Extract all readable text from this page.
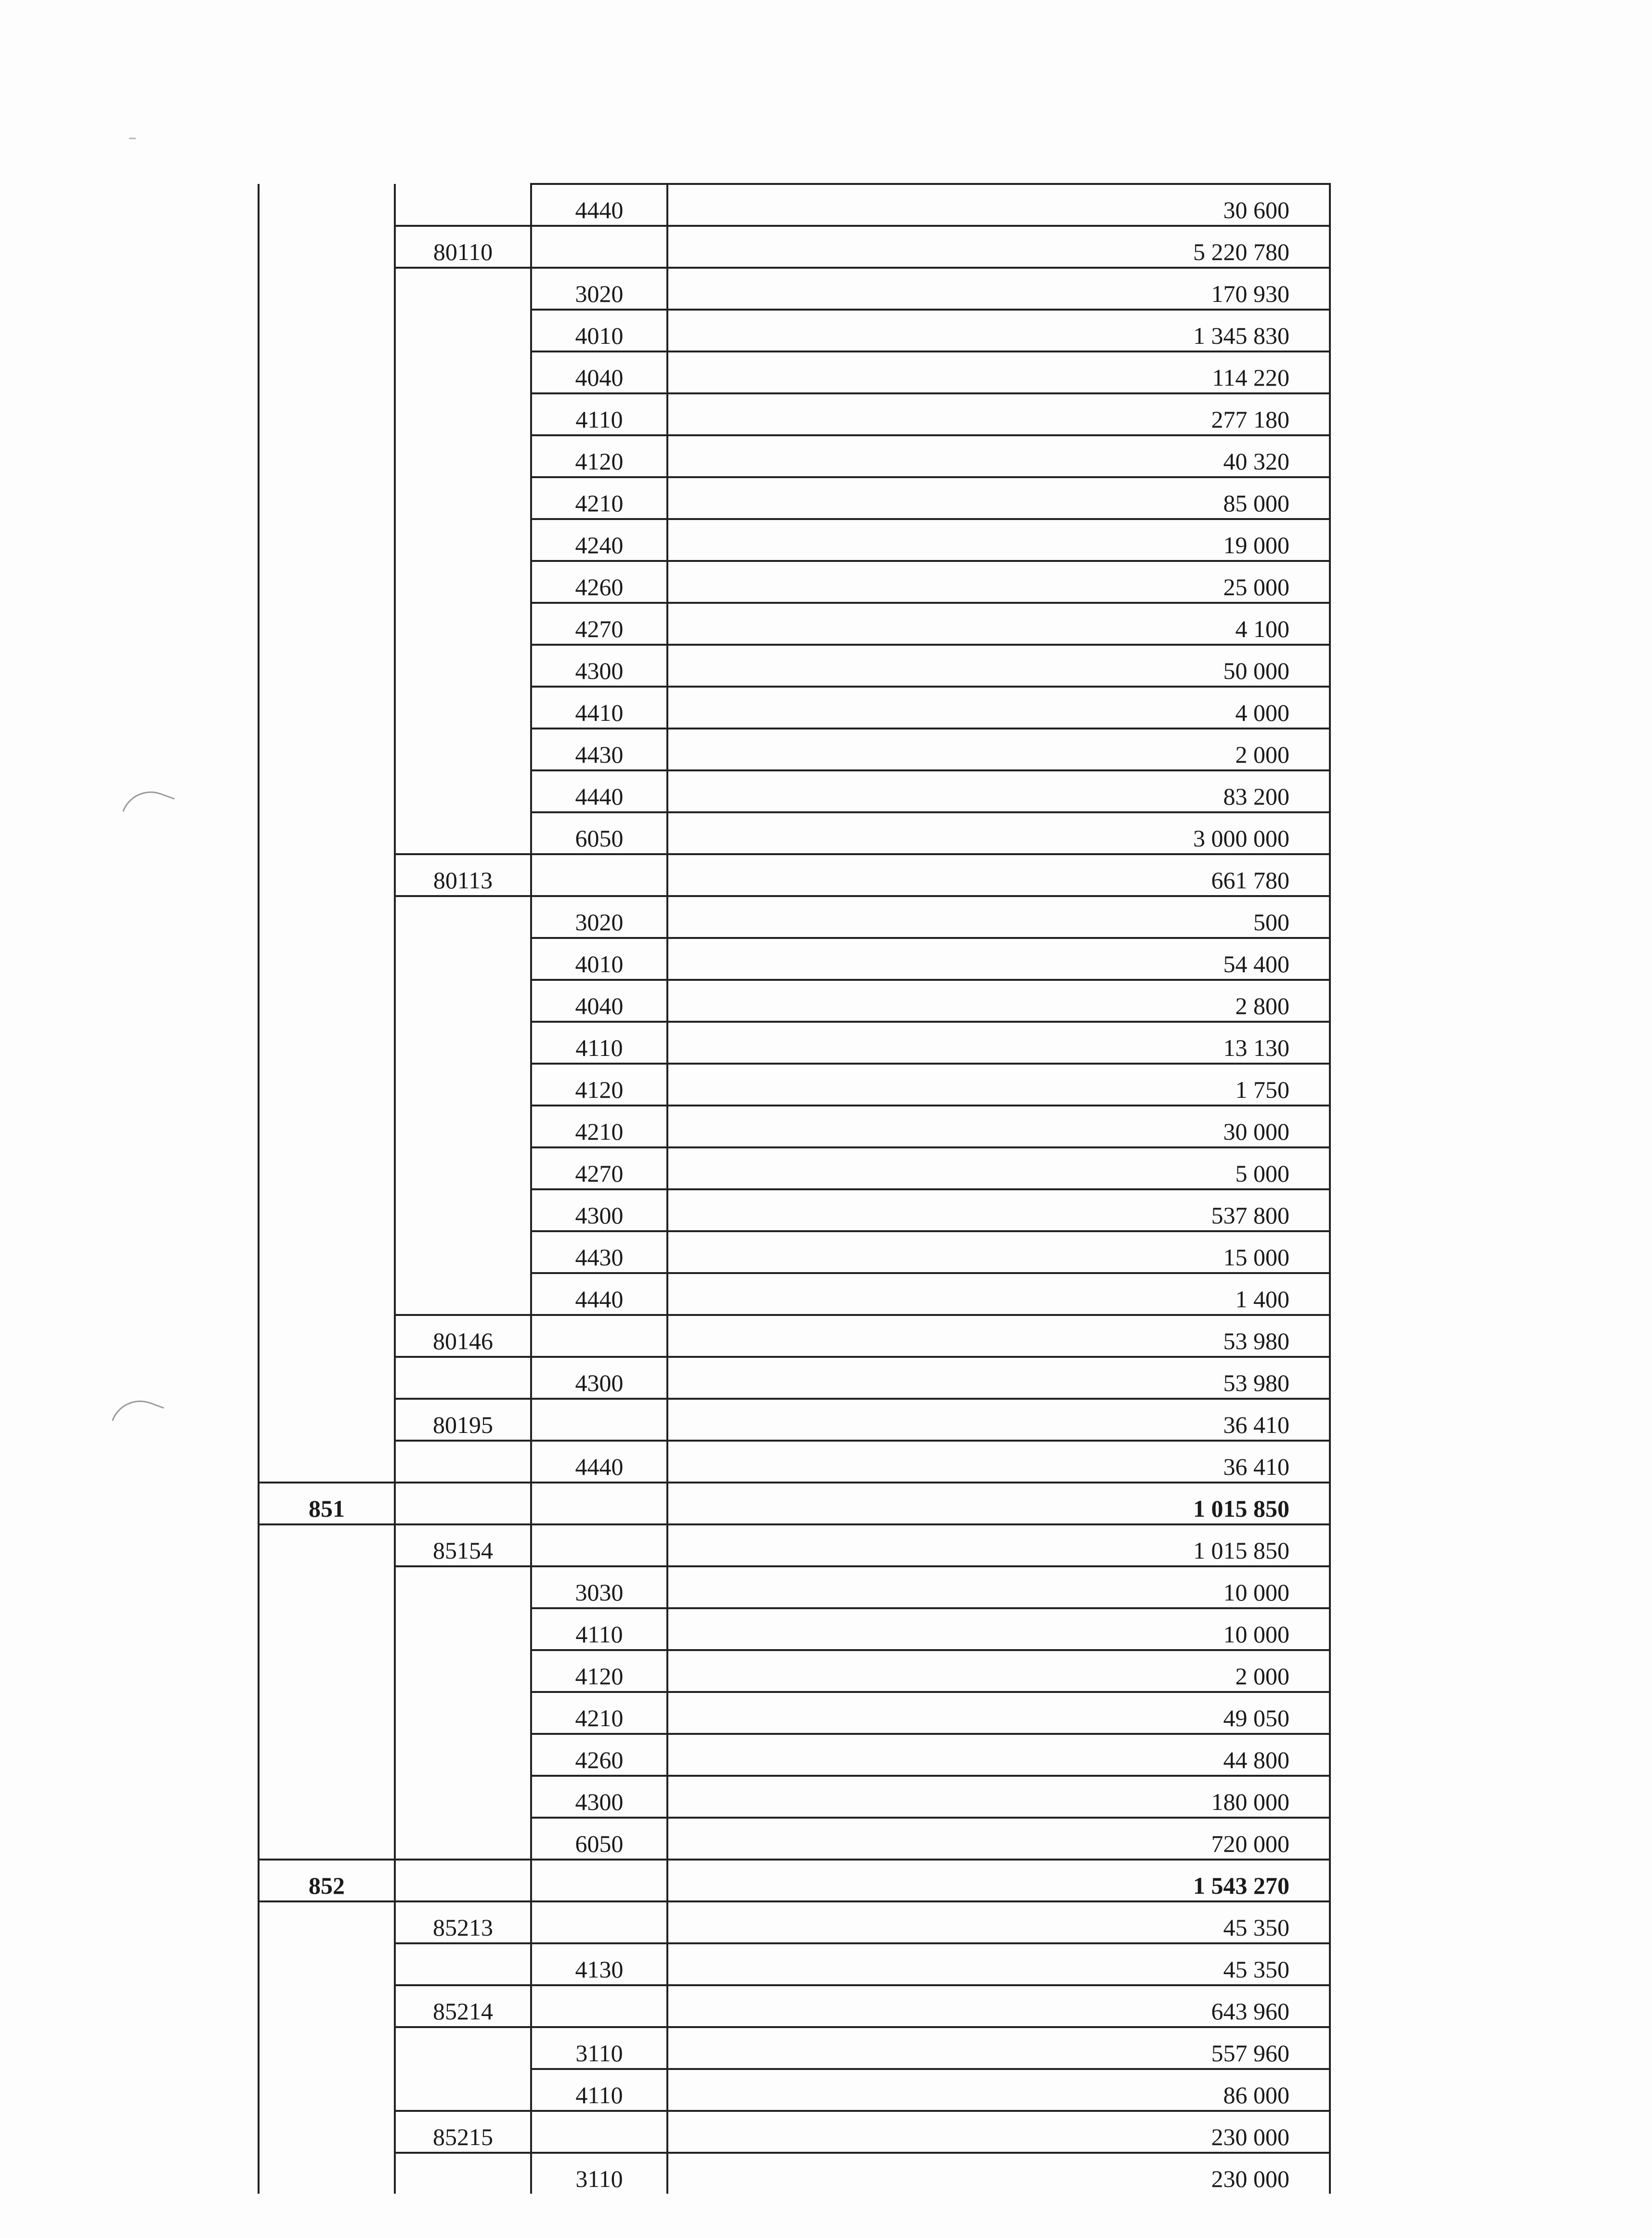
		4440	30 600
	80110		5 220 780
		3020	170 930
		4010	1 345 830
		4040	114 220
		4110	277 180
		4120	40 320
		4210	85 000
		4240	19 000
		4260	25 000
		4270	4 100
		4300	50 000
		4410	4 000
		4430	2 000
		4440	83 200
		6050	3 000 000
	80113		661 780
		3020	500
		4010	54 400
		4040	2 800
		4110	13 130
		4120	1 750
		4210	30 000
		4270	5 000
		4300	537 800
		4430	15 000
		4440	1 400
	80146		53 980
		4300	53 980
	80195		36 410
		4440	36 410
851			1 015 850
	85154		1 015 850
		3030	10 000
		4110	10 000
		4120	2 000
		4210	49 050
		4260	44 800
		4300	180 000
		6050	720 000
852			1 543 270
	85213		45 350
		4130	45 350
	85214		643 960
		3110	557 960
		4110	86 000
	85215		230 000
		3110	230 000
